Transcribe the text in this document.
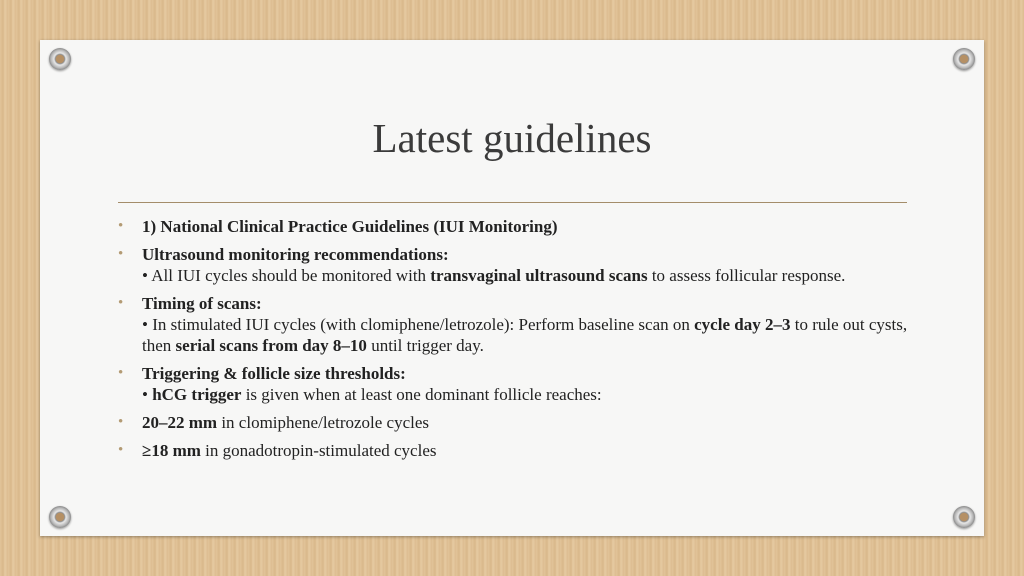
Latest guidelines
• 1) National Clinical Practice Guidelines (IUI Monitoring)
• Ultrasound monitoring recommendations:
• All IUI cycles should be monitored with transvaginal ultrasound scans to assess follicular response.
• Timing of scans:
• In stimulated IUI cycles (with clomiphene/letrozole): Perform baseline scan on cycle day 2–3 to rule out cysts, then serial scans from day 8–10 until trigger day.
• Triggering & follicle size thresholds:
• hCG trigger is given when at least one dominant follicle reaches:
• 20–22 mm in clomiphene/letrozole cycles
• ≥18 mm in gonadotropin-stimulated cycles
